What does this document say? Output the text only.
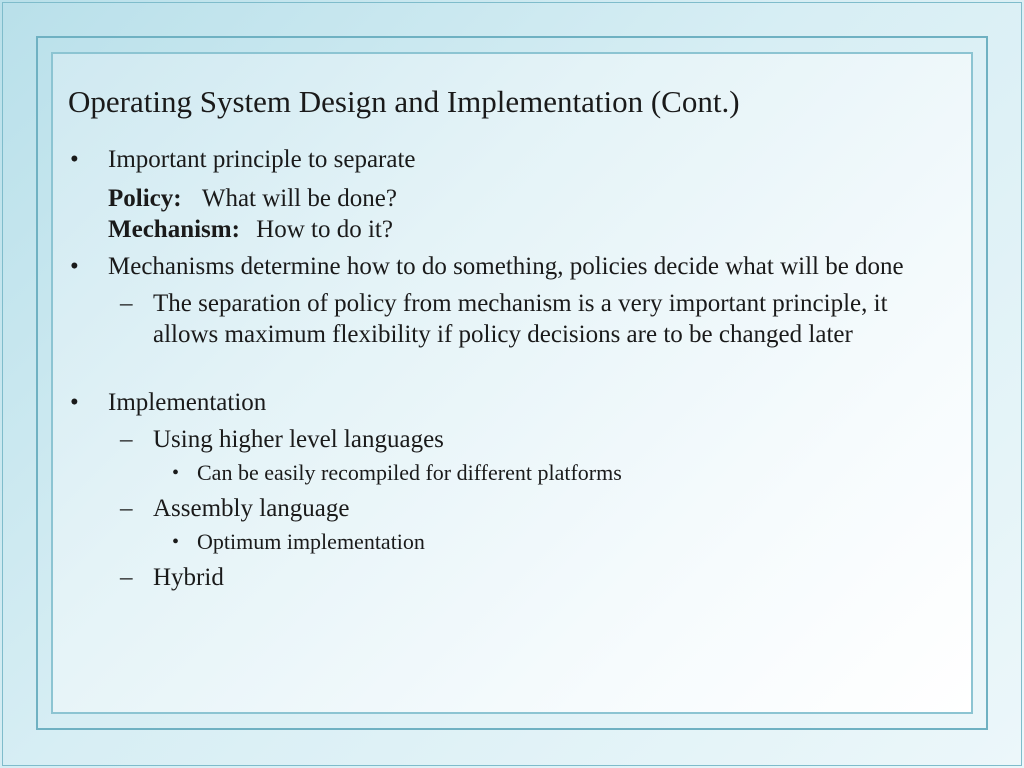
Operating System Design and Implementation (Cont.)
• Important principle to separate
Policy: What will be done?
Mechanism: How to do it?
• Mechanisms determine how to do something, policies decide what will be done
– The separation of policy from mechanism is a very important principle, it allows maximum flexibility if policy decisions are to be changed later
• Implementation
– Using higher level languages
• Can be easily recompiled for different platforms
– Assembly language
• Optimum implementation
– Hybrid
